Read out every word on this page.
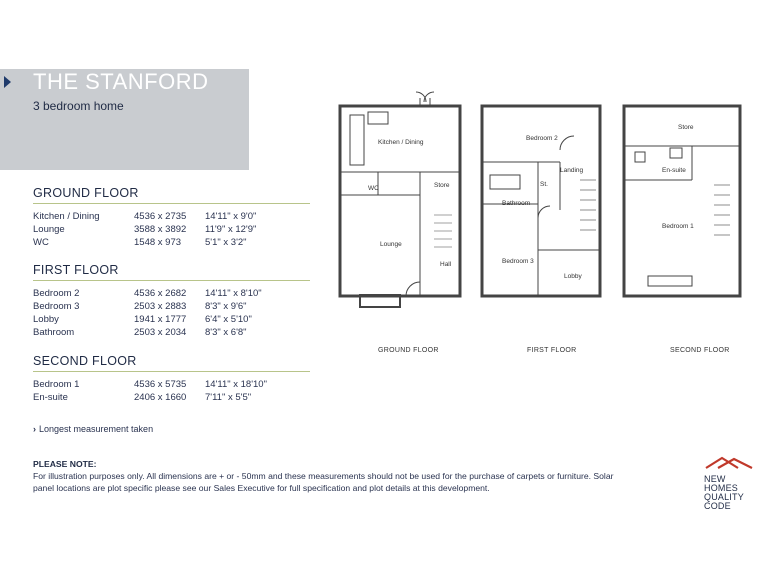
THE STANFORD
3 bedroom home
GROUND FLOOR
Kitchen / Dining	4536 x 2735	14'11" x 9'0"
Lounge	3588 x 3892	11'9" x 12'9"
WC	1548 x 973	5'1" x 3'2"
FIRST FLOOR
Bedroom 2	4536 x 2682	14'11" x 8'10"
Bedroom 3	2503 x 2883	8'3" x 9'6"
Lobby	1941 x 1777	6'4" x 5'10"
Bathroom	2503 x 2034	8'3" x 6'8"
SECOND FLOOR
Bedroom 1	4536 x 5735	14'11" x 18'10"
En-suite	2406 x 1660	7'11" x 5'5"
› Longest measurement taken
PLEASE NOTE:
For illustration purposes only. All dimensions are + or - 50mm and these measurements should not be used for the purchase of carpets or furniture. Solar panel locations are plot specific please see our Sales Executive for full specification and plot details at this development.
Kitchen / Dining
WC	Store
Lounge
Hall
Bedroom 2
Landing
St.
Bathroom
Bedroom 3
Lobby
Store
En-suite
Bedroom 1
GROUND FLOOR	FIRST FLOOR	SECOND FLOOR
NEW
HOMES
QUALITY
CODE
